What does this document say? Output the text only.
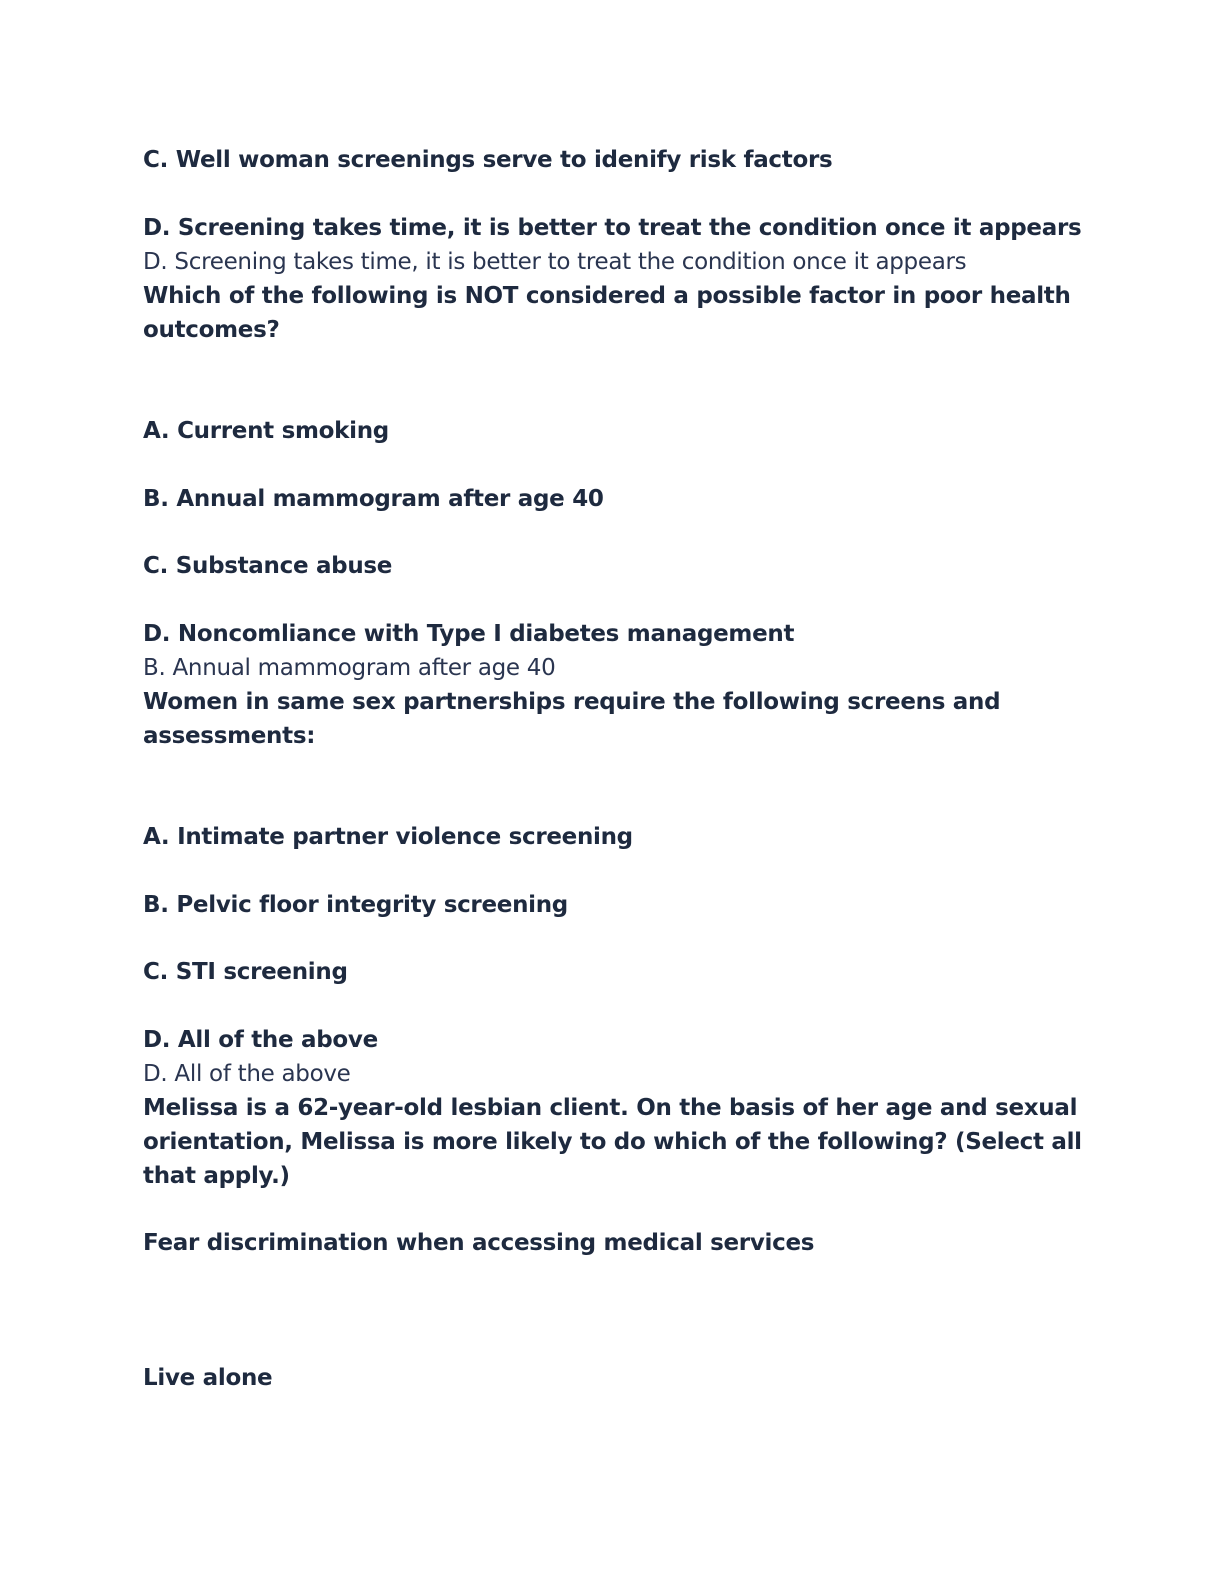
C. Well woman screenings serve to idenify risk factors

D. Screening takes time, it is better to treat the condition once it appears

D. Screening takes time, it is better to treat the condition once it appears

Which of the following is NOT considered a possible factor in poor health

outcomes?

A. Current smoking

B. Annual mammogram after age 40

C. Substance abuse

D. Noncomliance with Type I diabetes management

B. Annual mammogram after age 40

Women in same sex partnerships require the following screens and

assessments:

A. Intimate partner violence screening

B. Pelvic floor integrity screening

C. STI screening

D. All of the above

D. All of the above

Melissa is a 62-year-old lesbian client. On the basis of her age and sexual

orientation, Melissa is more likely to do which of the following? (Select all

that apply.)

Fear discrimination when accessing medical services

Live alone
